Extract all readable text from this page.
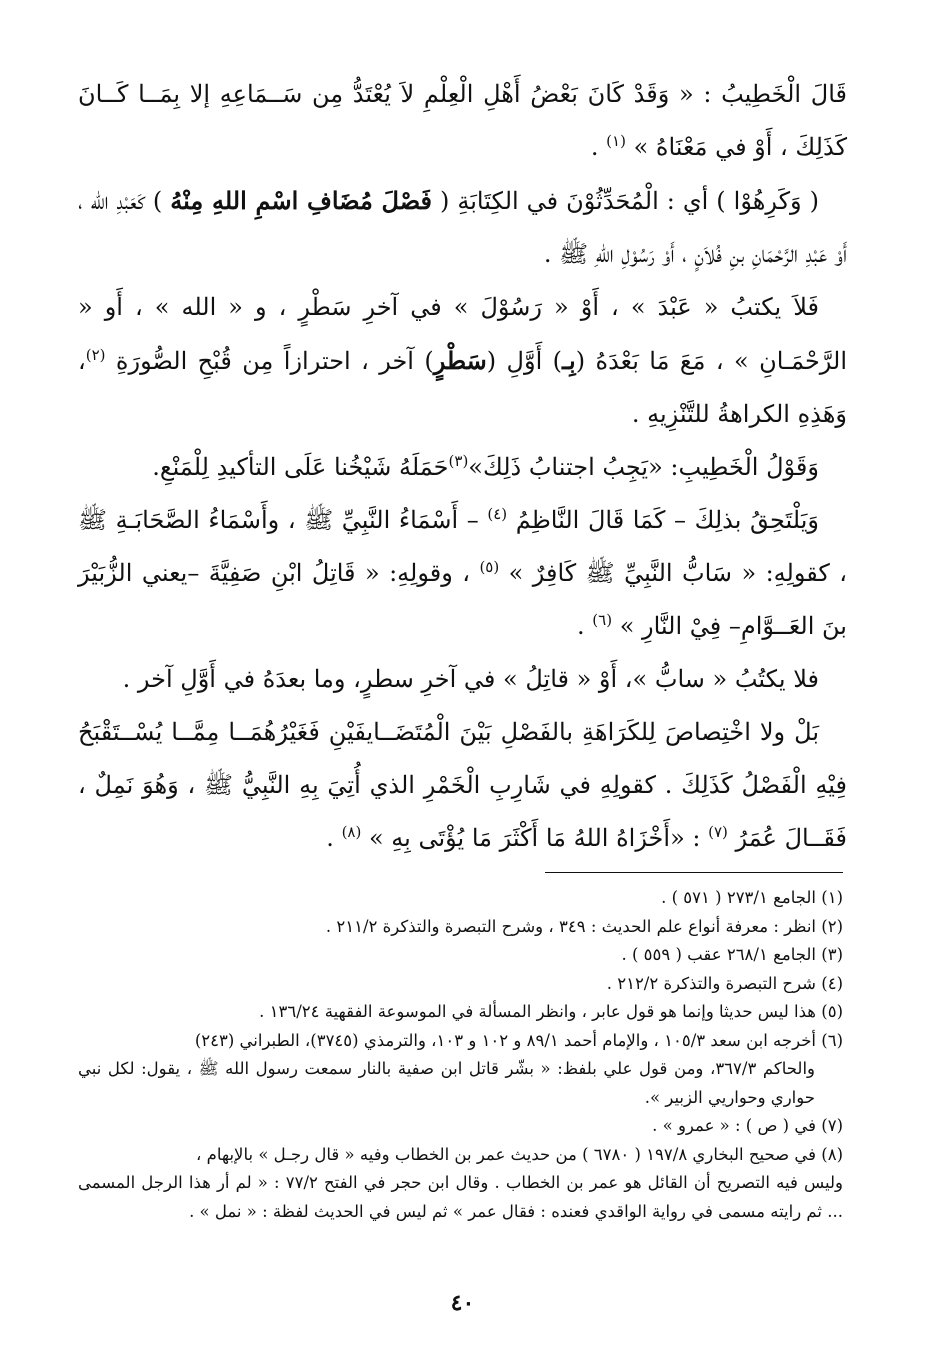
قَالَ الْخَطِيبُ : « وَقَدْ كَانَ بَعْضُ أَهْلِ الْعِلْمِ لاَ يُعْتَدُّ مِن سَــمَاعِهِ إلا بِمَــا كَــانَ كَذَلِكَ ، أَوْ في مَعْنَاهُ » $^{(١)}$ .

( وَكَرِهُوْا ) أي : الْمُحَدِّثُوْنَ في الكِتَابَةِ ( فَصْلَ مُضَافِ اسْمِ اللهِ مِنْهُ ) كَعَبْدِ الله ، أَوْ عَبْدِ الرَّحْمَانِ بنِ فُلاَنٍ ، أَوْ رَسُوْلِ اللهِ ﷺ .

فَلاَ يكتبُ « عَبْدَ » ، أَوْ « رَسُوْلَ » في آخرِ سَطْرٍ ، و « الله » ، أَو « الرَّحْمَـانِ » ، مَعَ مَا بَعْدَهُ (بِـ) أَوَّلِ (سَطْرٍ) آخر ، احترازاً مِن قُبْحِ الصُّورَةِ $^{(٢)}$، وَهَذِهِ الكراهةُ للتَّنْزِيهِ .

وَقَوْلُ الْخَطِيبِ: «يَجِبُ اجتنابُ ذَلِكَ»$^{(٣)}$حَمَلَهُ شَيْخُنا عَلَى التأكيدِ لِلْمَنْعِ.

وَيَلْتَحِقُ بذلِكَ – كَمَا قَالَ النَّاظِمُ $^{(٤)}$ – أَسْمَاءُ النَّبِيِّ ﷺ ، وأَسْمَاءُ الصَّحَابَـةِ ﷺ ، كقولِهِ: « سَابُّ النَّبِيِّ ﷺ كَافِرٌ » $^{(٥)}$ ، وقولِهِ: « قَاتِلُ ابْنِ صَفِيَّةَ –يعني الزُّبَيْرَ بنَ العَــوَّامِ– فِيْ النَّارِ » $^{(٦)}$ .

فلا يكتُبُ « سابُّ »، أَوْ « قاتِلُ » في آخرِ سطرٍ، وما بعدَهُ في أَوَّلِ آخر .

بَلْ ولا اخْتِصاصَ لِلكَرَاهَةِ بالفَصْلِ بَيْنَ الْمُتَضَــايفَيْنِ فَغَيْرُهُمَــا مِمَّــا يُسْــتَقْبَحُ فِيْهِ الْفَصْلُ كَذَلِكَ . كقولِهِ في شَارِبِ الْخَمْرِ الذي أُتِيَ بِهِ النَّبِيُّ ﷺ ، وَهُوَ نَمِلٌ ، فَقَــالَ عُمَرُ $^{(٧)}$ : «أَخْزَاهُ اللهُ مَا أَكْثَرَ مَا يُؤْتَى بِهِ » $^{(٨)}$ .

(١) الجامع ٢٧٣/١ ( ٥٧١ ) .

(٢) انظر : معرفة أنواع علم الحديث : ٣٤٩ ، وشرح التبصرة والتذكرة ٢١١/٢ .

(٣) الجامع ٢٦٨/١ عقب ( ٥٥٩ ) .

(٤) شرح التبصرة والتذكرة ٢١٢/٢ .

(٥) هذا ليس حديثا وإنما هو قول عابر ، وانظر المسألة في الموسوعة الفقهية ١٣٦/٢٤ .

(٦) أخرجه ابن سعد ١٠٥/٣ ، والإمام أحمد ٨٩/١ و ١٠٢ و ١٠٣، والترمذي (٣٧٤٥)، الطبراني (٢٤٣)

والحاكم ٣٦٧/٣، ومن قول علي بلفظ: « بشّر قاتل ابن صفية بالنار سمعت رسول الله ﷺ ، يقول: لكل نبي حواري وحواريي الزبير ».

(٧) في ( ص ) : « عمرو » .

(٨) في صحيح البخاري ١٩٧/٨ ( ٦٧٨٠ ) من حديث عمر بن الخطاب وفيه « قال رجـل » بالإبهام ،

وليس فيه التصريح أن القائل هو عمر بن الخطاب . وقال ابن حجر في الفتح ٧٧/٢ : « لم أر هذا الرجل المسمى ... ثم رايته مسمى في رواية الواقدي فعنده : فقال عمر » ثم ليس في الحديث لفظة : « نمل » .

٤٠
